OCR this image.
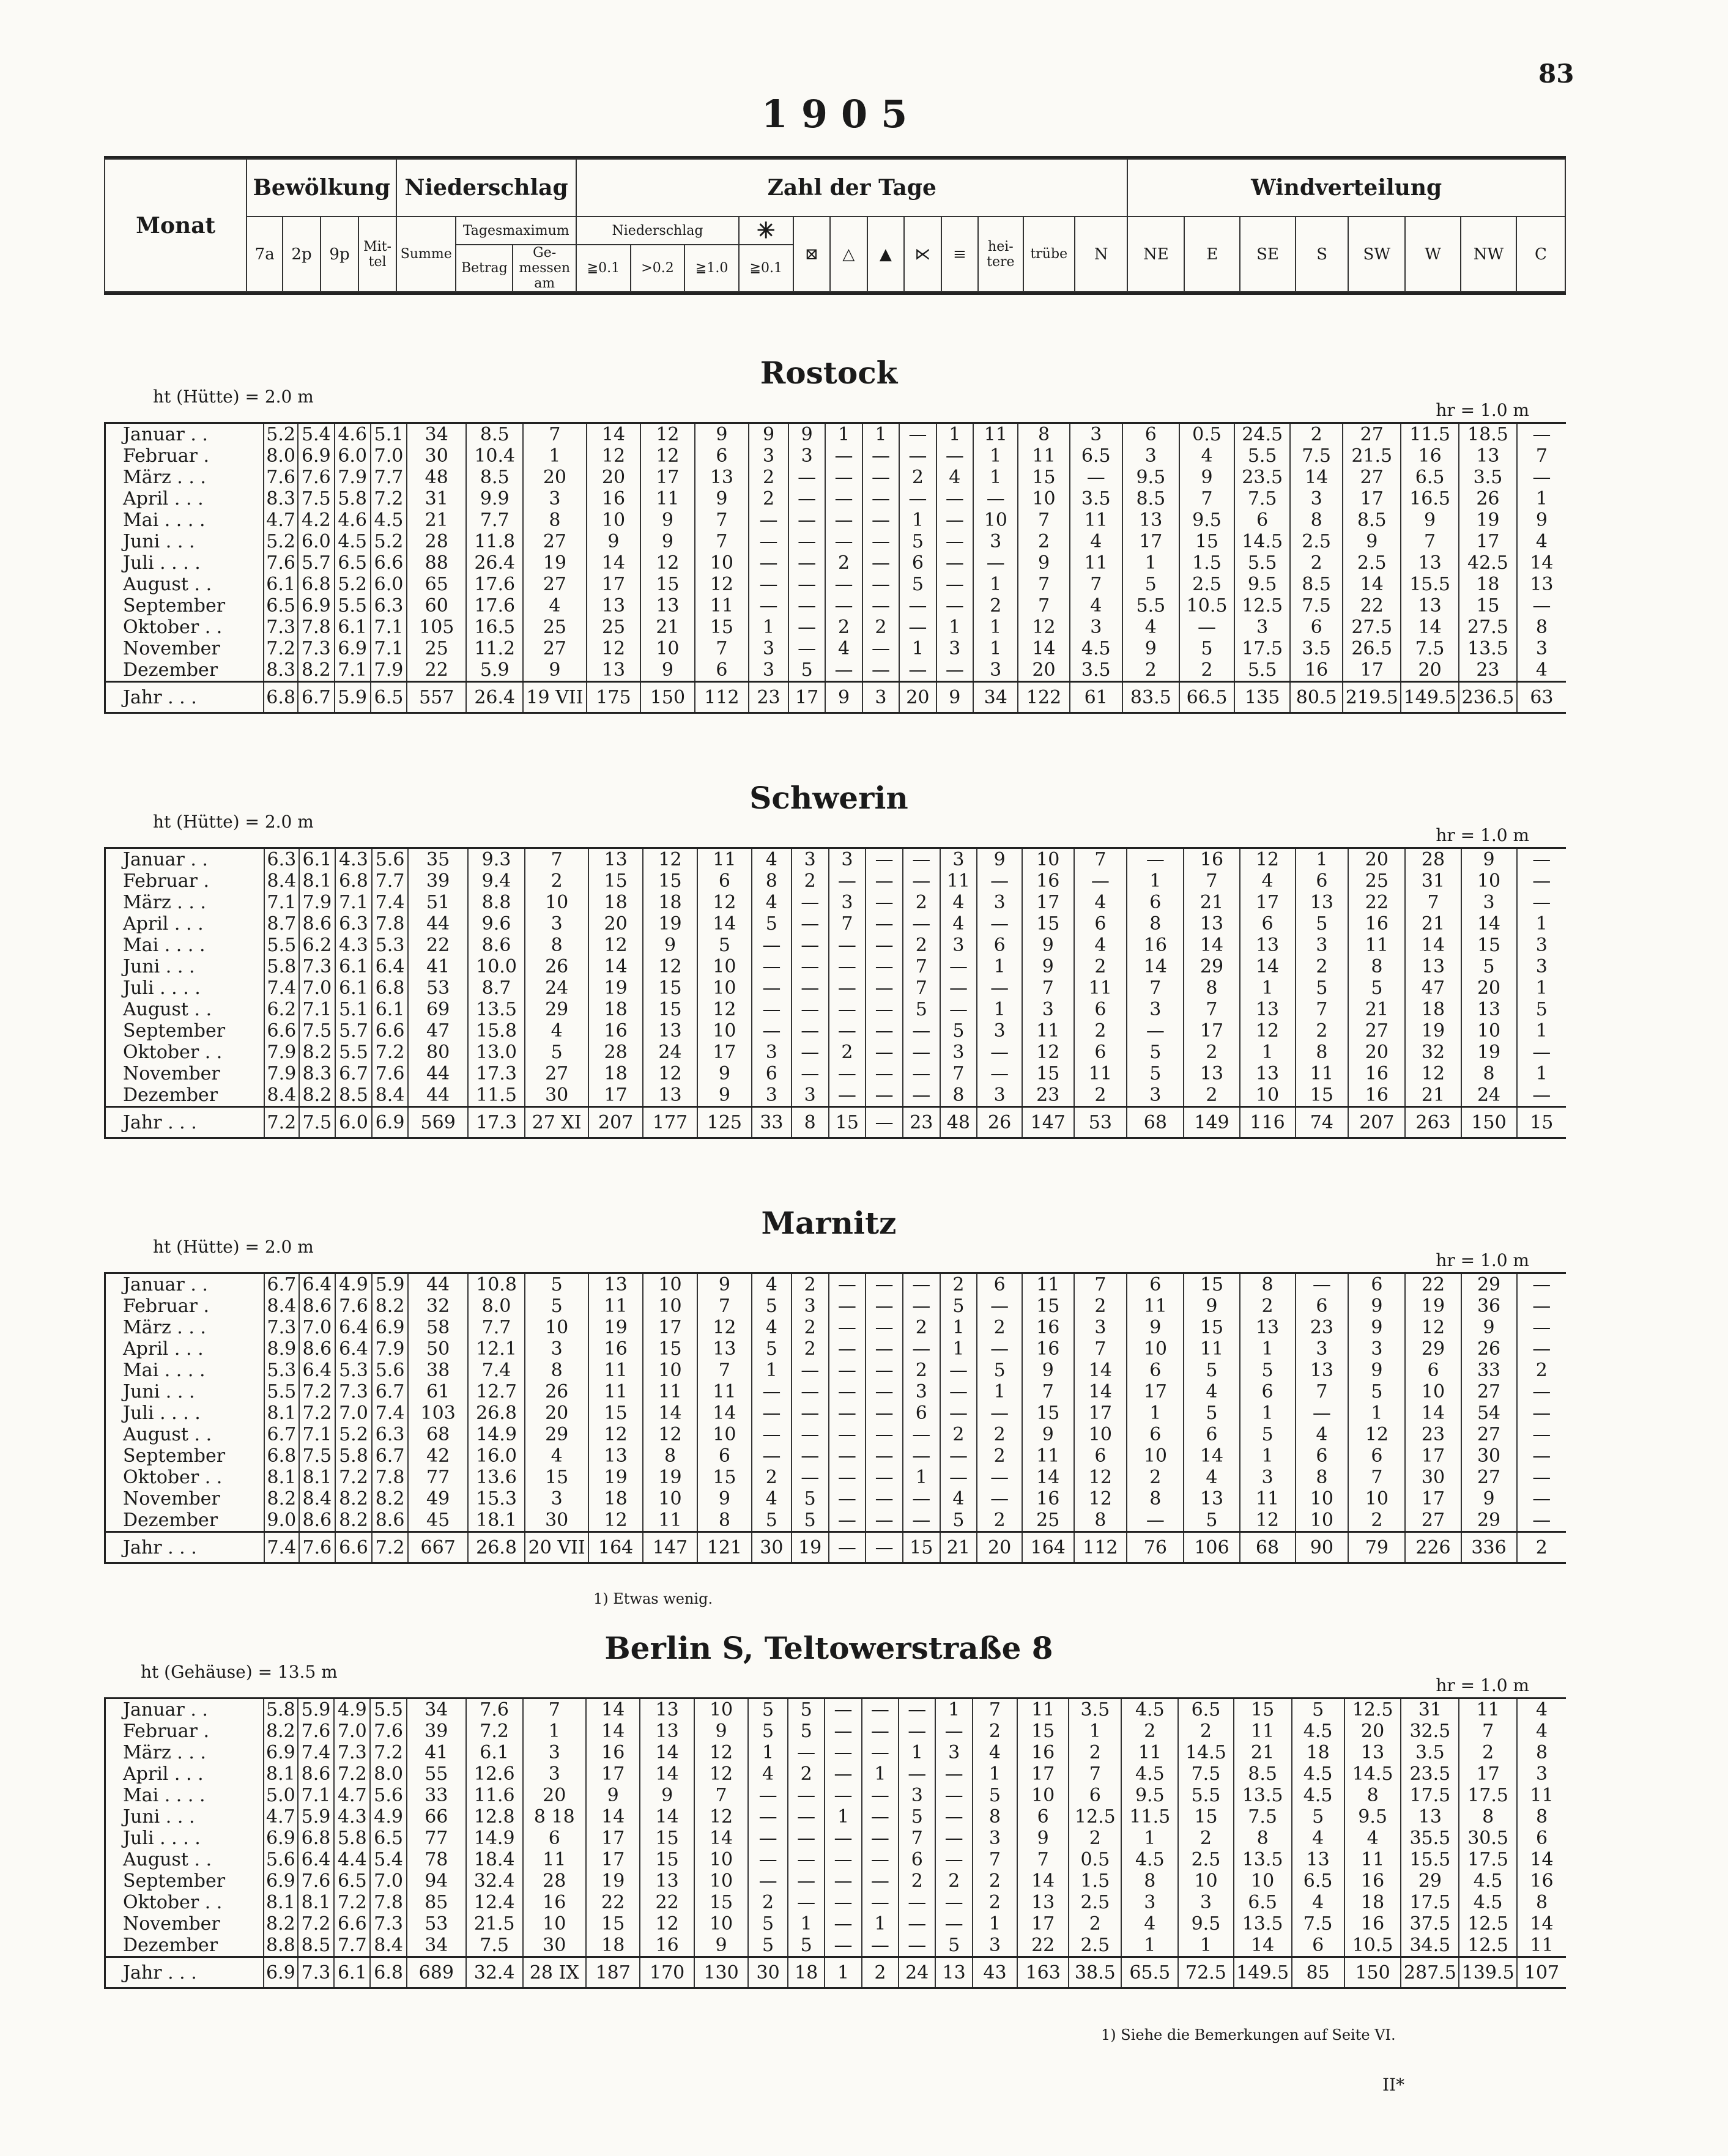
83
1905
Monat	Bewölkung				Niederschlag			Zahl der Tage												Windverteilung							
	7a	2p	9p	Mit-tel	Summe	Tagesmaximum		Niederschlag			✳	⊠	△	▲	⋉	≡	hei-tere	trübe	N	NE	E	SE	S	SW	W	NW	C
						Betrag	Ge-messen am	≧0.1	>0.2	≧1.0	≧0.1																
Rostock
ht (Hütte) = 2.0 m
hr = 1.0 m
Januar . .	5.2	5.4	4.6	5.1	34	8.5	7	14	12	9	9	9	1	1	—	1	11	8	3	6	0.5	24.5	2	27	11.5	18.5	—
Februar .	8.0	6.9	6.0	7.0	30	10.4	1	12	12	6	3	3	—	—	—	—	1	11	6.5	3	4	5.5	7.5	21.5	16	13	7
März . . .	7.6	7.6	7.9	7.7	48	8.5	20	20	17	13	2	—	—	—	2	4	1	15	—	9.5	9	23.5	14	27	6.5	3.5	—
April . . .	8.3	7.5	5.8	7.2	31	9.9	3	16	11	9	2	—	—	—	—	—	—	10	3.5	8.5	7	7.5	3	17	16.5	26	1
Mai . . . .	4.7	4.2	4.6	4.5	21	7.7	8	10	9	7	—	—	—	—	1	—	10	7	11	13	9.5	6	8	8.5	9	19	9
Juni . . .	5.2	6.0	4.5	5.2	28	11.8	27	9	9	7	—	—	—	—	5	—	3	2	4	17	15	14.5	2.5	9	7	17	4
Juli . . . .	7.6	5.7	6.5	6.6	88	26.4	19	14	12	10	—	—	2	—	6	—	—	9	11	1	1.5	5.5	2	2.5	13	42.5	14
August . .	6.1	6.8	5.2	6.0	65	17.6	27	17	15	12	—	—	—	—	5	—	1	7	7	5	2.5	9.5	8.5	14	15.5	18	13
September	6.5	6.9	5.5	6.3	60	17.6	4	13	13	11	—	—	—	—	—	—	2	7	4	5.5	10.5	12.5	7.5	22	13	15	—
Oktober . .	7.3	7.8	6.1	7.1	105	16.5	25	25	21	15	1	—	2	2	—	1	1	12	3	4	—	3	6	27.5	14	27.5	8
November	7.2	7.3	6.9	7.1	25	11.2	27	12	10	7	3	—	4	—	1	3	1	14	4.5	9	5	17.5	3.5	26.5	7.5	13.5	3
Dezember	8.3	8.2	7.1	7.9	22	5.9	9	13	9	6	3	5	—	—	—	—	3	20	3.5	2	2	5.5	16	17	20	23	4
Jahr . . .	6.8	6.7	5.9	6.5	557	26.4	19 VII	175	150	112	23	17	9	3	20	9	34	122	61	83.5	66.5	135	80.5	219.5	149.5	236.5	63
Schwerin
ht (Hütte) = 2.0 m
hr = 1.0 m
Januar . .	6.3	6.1	4.3	5.6	35	9.3	7	13	12	11	4	3	3	—	—	3	9	10	7	—	16	12	1	20	28	9	—
Februar .	8.4	8.1	6.8	7.7	39	9.4	2	15	15	6	8	2	—	—	—	11	—	16	—	1	7	4	6	25	31	10	—
März . . .	7.1	7.9	7.1	7.4	51	8.8	10	18	18	12	4	—	3	—	2	4	3	17	4	6	21	17	13	22	7	3	—
April . . .	8.7	8.6	6.3	7.8	44	9.6	3	20	19	14	5	—	7	—	—	4	—	15	6	8	13	6	5	16	21	14	1
Mai . . . .	5.5	6.2	4.3	5.3	22	8.6	8	12	9	5	—	—	—	—	2	3	6	9	4	16	14	13	3	11	14	15	3
Juni . . .	5.8	7.3	6.1	6.4	41	10.0	26	14	12	10	—	—	—	—	7	—	1	9	2	14	29	14	2	8	13	5	3
Juli . . . .	7.4	7.0	6.1	6.8	53	8.7	24	19	15	10	—	—	—	—	7	—	—	7	11	7	8	1	5	5	47	20	1
August . .	6.2	7.1	5.1	6.1	69	13.5	29	18	15	12	—	—	—	—	5	—	1	3	6	3	7	13	7	21	18	13	5
September	6.6	7.5	5.7	6.6	47	15.8	4	16	13	10	—	—	—	—	—	5	3	11	2	—	17	12	2	27	19	10	1
Oktober . .	7.9	8.2	5.5	7.2	80	13.0	5	28	24	17	3	—	2	—	—	3	—	12	6	5	2	1	8	20	32	19	—
November	7.9	8.3	6.7	7.6	44	17.3	27	18	12	9	6	—	—	—	—	7	—	15	11	5	13	13	11	16	12	8	1
Dezember	8.4	8.2	8.5	8.4	44	11.5	30	17	13	9	3	3	—	—	—	8	3	23	2	3	2	10	15	16	21	24	—
Jahr . . .	7.2	7.5	6.0	6.9	569	17.3	27 XI	207	177	125	33	8	15	—	23	48	26	147	53	68	149	116	74	207	263	150	15
Marnitz
ht (Hütte) = 2.0 m
hr = 1.0 m
Januar . .	6.7	6.4	4.9	5.9	44	10.8	5	13	10	9	4	2	—	—	—	2	6	11	7	6	15	8	—	6	22	29	—
Februar .	8.4	8.6	7.6	8.2	32	8.0	5	11	10	7	5	3	—	—	—	5	—	15	2	11	9	2	6	9	19	36	—
März . . .	7.3	7.0	6.4	6.9	58	7.7	10	19	17	12	4	2	—	—	2	1	2	16	3	9	15	13	23	9	12	9	—
April . . .	8.9	8.6	6.4	7.9	50	12.1	3	16	15	13	5	2	—	—	—	1	—	16	7	10	11	1	3	3	29	26	—
Mai . . . .	5.3	6.4	5.3	5.6	38	7.4	8	11	10	7	1	—	—	—	2	—	5	9	14	6	5	5	13	9	6	33	2
Juni . . .	5.5	7.2	7.3	6.7	61	12.7	26	11	11	11	—	—	—	—	3	—	1	7	14	17	4	6	7	5	10	27	—
Juli . . . .	8.1	7.2	7.0	7.4	103	26.8	20	15	14	14	—	—	—	—	6	—	—	15	17	1	5	1	—	1	14	54	—
August . .	6.7	7.1	5.2	6.3	68	14.9	29	12	12	10	—	—	—	—	—	2	2	9	10	6	6	5	4	12	23	27	—
September	6.8	7.5	5.8	6.7	42	16.0	4	13	8	6	—	—	—	—	—	—	2	11	6	10	14	1	6	6	17	30	—
Oktober . .	8.1	8.1	7.2	7.8	77	13.6	15	19	19	15	2	—	—	—	1	—	—	14	12	2	4	3	8	7	30	27	—
November	8.2	8.4	8.2	8.2	49	15.3	3	18	10	9	4	5	—	—	—	4	—	16	12	8	13	11	10	10	17	9	—
Dezember	9.0	8.6	8.2	8.6	45	18.1	30	12	11	8	5	5	—	—	—	5	2	25	8	—	5	12	10	2	27	29	—
Jahr . . .	7.4	7.6	6.6	7.2	667	26.8	20 VII	164	147	121	30	19	—	—	15	21	20	164	112	76	106	68	90	79	226	336	2
1) Etwas wenig.
Berlin S, Teltowerstraße 8
ht (Gehäuse) = 13.5 m
hr = 1.0 m
Januar . .	5.8	5.9	4.9	5.5	34	7.6	7	14	13	10	5	5	—	—	—	1	7	11	3.5	4.5	6.5	15	5	12.5	31	11	4
Februar .	8.2	7.6	7.0	7.6	39	7.2	1	14	13	9	5	5	—	—	—	—	2	15	1	2	2	11	4.5	20	32.5	7	4
März . . .	6.9	7.4	7.3	7.2	41	6.1	3	16	14	12	1	—	—	—	1	3	4	16	2	11	14.5	21	18	13	3.5	2	8
April . . .	8.1	8.6	7.2	8.0	55	12.6	3	17	14	12	4	2	—	1	—	—	1	17	7	4.5	7.5	8.5	4.5	14.5	23.5	17	3
Mai . . . .	5.0	7.1	4.7	5.6	33	11.6	20	9	9	7	—	—	—	—	3	—	5	10	6	9.5	5.5	13.5	4.5	8	17.5	17.5	11
Juni . . .	4.7	5.9	4.3	4.9	66	12.8	8 18	14	14	12	—	—	1	—	5	—	8	6	12.5	11.5	15	7.5	5	9.5	13	8	8
Juli . . . .	6.9	6.8	5.8	6.5	77	14.9	6	17	15	14	—	—	—	—	7	—	3	9	2	1	2	8	4	4	35.5	30.5	6
August . .	5.6	6.4	4.4	5.4	78	18.4	11	17	15	10	—	—	—	—	6	—	7	7	0.5	4.5	2.5	13.5	13	11	15.5	17.5	14
September	6.9	7.6	6.5	7.0	94	32.4	28	19	13	10	—	—	—	—	2	2	2	14	1.5	8	10	10	6.5	16	29	4.5	16
Oktober . .	8.1	8.1	7.2	7.8	85	12.4	16	22	22	15	2	—	—	—	—	—	2	13	2.5	3	3	6.5	4	18	17.5	4.5	8
November	8.2	7.2	6.6	7.3	53	21.5	10	15	12	10	5	1	—	1	—	—	1	17	2	4	9.5	13.5	7.5	16	37.5	12.5	14
Dezember	8.8	8.5	7.7	8.4	34	7.5	30	18	16	9	5	5	—	—	—	5	3	22	2.5	1	1	14	6	10.5	34.5	12.5	11
Jahr . . .	6.9	7.3	6.1	6.8	689	32.4	28 IX	187	170	130	30	18	1	2	24	13	43	163	38.5	65.5	72.5	149.5	85	150	287.5	139.5	107
1) Siehe die Bemerkungen auf Seite VI.
II*
